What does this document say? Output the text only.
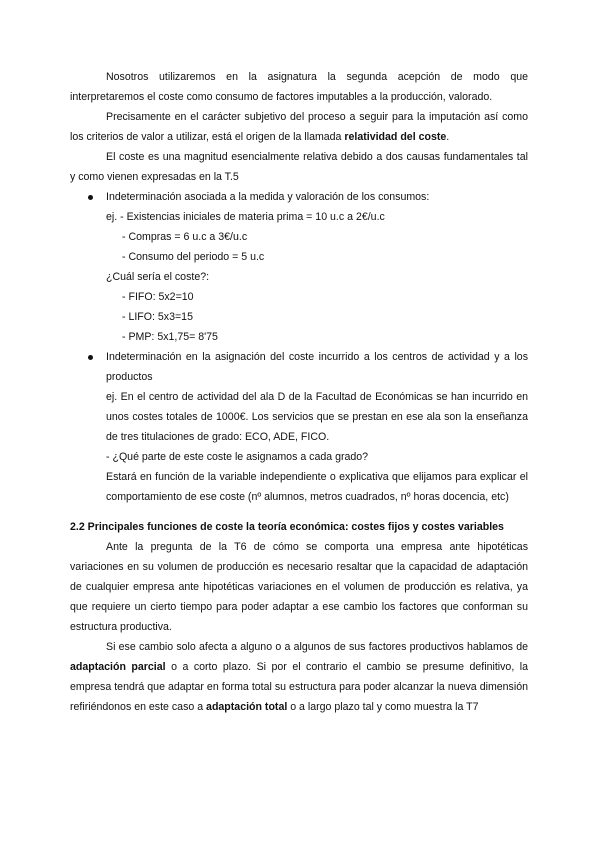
Nosotros utilizaremos en la asignatura la segunda acepción de modo que interpretaremos el coste como consumo de factores imputables a la producción, valorado.

Precisamente en el carácter subjetivo del proceso a seguir para la imputación así como los criterios de valor a utilizar, está el origen de la llamada relatividad del coste.

El coste es una magnitud esencialmente relativa debido a dos causas fundamentales tal y como vienen expresadas en la T.5

Indeterminación asociada a la medida y valoración de los consumos:
ej. - Existencias iniciales de materia prima = 10 u.c a 2€/u.c
- Compras = 6 u.c a 3€/u.c
- Consumo del periodo = 5 u.c
¿Cuál sería el coste?:
- FIFO: 5x2=10
- LIFO: 5x3=15
- PMP: 5x1,75= 8'75

Indeterminación en la asignación del coste incurrido a los centros de actividad y a los productos

ej. En el centro de actividad del ala D de la Facultad de Económicas se han incurrido en unos costes totales de 1000€. Los servicios que se prestan en ese ala son la enseñanza de tres titulaciones de grado: ECO, ADE, FICO.

- ¿Qué parte de este coste le asignamos a cada grado?

Estará en función de la variable independiente o explicativa que elijamos para explicar el comportamiento de ese coste (nº alumnos, metros cuadrados, nº horas docencia, etc)

2.2 Principales funciones de coste la teoría económica: costes fijos y costes variables

Ante la pregunta de la T6 de cómo se comporta una empresa ante hipotéticas variaciones en su volumen de producción es necesario resaltar que la capacidad de adaptación de cualquier empresa ante hipotéticas variaciones en el volumen de producción es relativa, ya que requiere un cierto tiempo para poder adaptar a ese cambio los factores que conforman su estructura productiva.

Si ese cambio solo afecta a alguno o a algunos de sus factores productivos hablamos de adaptación parcial o a corto plazo. Si por el contrario el cambio se presume definitivo, la empresa tendrá que adaptar en forma total su estructura para poder alcanzar la nueva dimensión refiriéndonos en este caso a adaptación total o a largo plazo tal y como muestra la T7
